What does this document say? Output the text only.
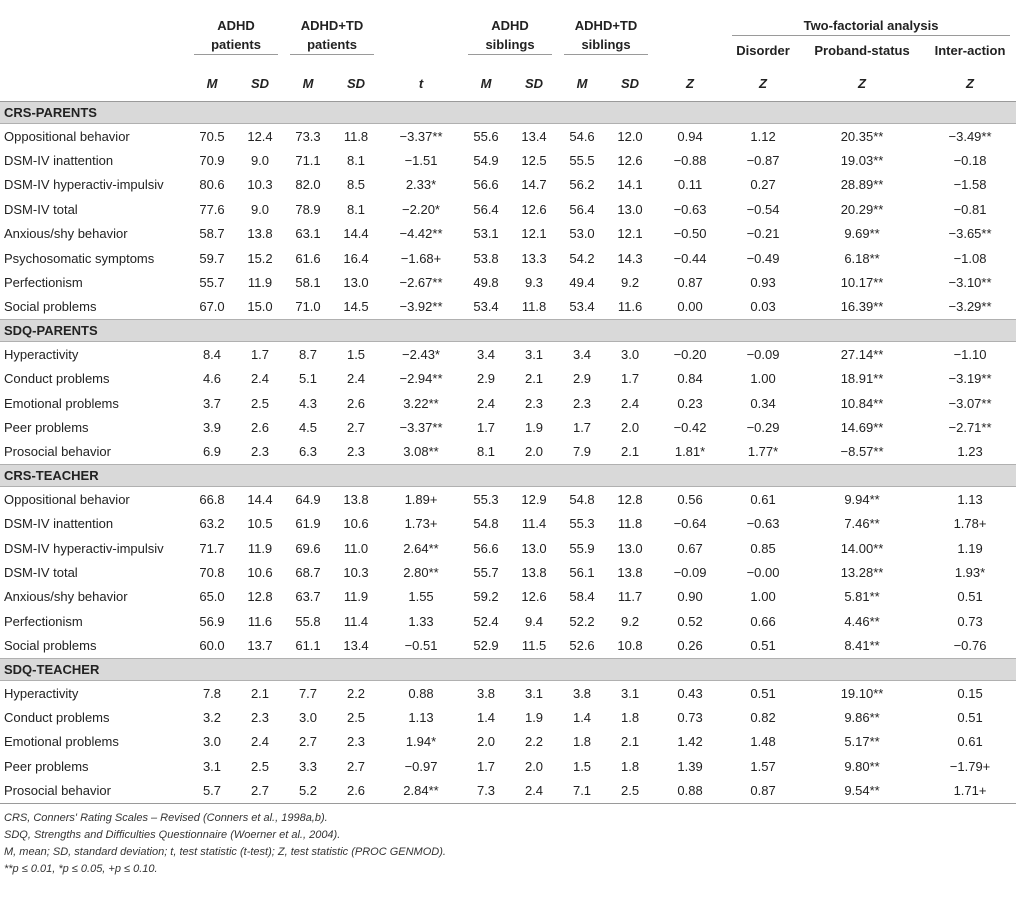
	ADHD		ADHD+TD			ADHD		ADHD+TD			Two-factorial analysis		
	patients		patients			siblings		siblings			Disorder	Proband-status	Inter-action
	M	SD	M	SD	t	M	SD	M	SD	Z	Z	Z	Z
CRS-PARENTS													
Oppositional behavior	70.5	12.4	73.3	11.8	−3.37**	55.6	13.4	54.6	12.0	0.94	1.12	20.35**	−3.49**
DSM-IV inattention	70.9	9.0	71.1	8.1	−1.51	54.9	12.5	55.5	12.6	−0.88	−0.87	19.03**	−0.18
DSM-IV hyperactiv-impulsiv	80.6	10.3	82.0	8.5	2.33*	56.6	14.7	56.2	14.1	0.11	0.27	28.89**	−1.58
DSM-IV total	77.6	9.0	78.9	8.1	−2.20*	56.4	12.6	56.4	13.0	−0.63	−0.54	20.29**	−0.81
Anxious/shy behavior	58.7	13.8	63.1	14.4	−4.42**	53.1	12.1	53.0	12.1	−0.50	−0.21	9.69**	−3.65**
Psychosomatic symptoms	59.7	15.2	61.6	16.4	−1.68+	53.8	13.3	54.2	14.3	−0.44	−0.49	6.18**	−1.08
Perfectionism	55.7	11.9	58.1	13.0	−2.67**	49.8	9.3	49.4	9.2	0.87	0.93	10.17**	−3.10**
Social problems	67.0	15.0	71.0	14.5	−3.92**	53.4	11.8	53.4	11.6	0.00	0.03	16.39**	−3.29**
SDQ-PARENTS													
Hyperactivity	8.4	1.7	8.7	1.5	−2.43*	3.4	3.1	3.4	3.0	−0.20	−0.09	27.14**	−1.10
Conduct problems	4.6	2.4	5.1	2.4	−2.94**	2.9	2.1	2.9	1.7	0.84	1.00	18.91**	−3.19**
Emotional problems	3.7	2.5	4.3	2.6	3.22**	2.4	2.3	2.3	2.4	0.23	0.34	10.84**	−3.07**
Peer problems	3.9	2.6	4.5	2.7	−3.37**	1.7	1.9	1.7	2.0	−0.42	−0.29	14.69**	−2.71**
Prosocial behavior	6.9	2.3	6.3	2.3	3.08**	8.1	2.0	7.9	2.1	1.81*	1.77*	−8.57**	1.23
CRS-TEACHER													
Oppositional behavior	66.8	14.4	64.9	13.8	1.89+	55.3	12.9	54.8	12.8	0.56	0.61	9.94**	1.13
DSM-IV inattention	63.2	10.5	61.9	10.6	1.73+	54.8	11.4	55.3	11.8	−0.64	−0.63	7.46**	1.78+
DSM-IV hyperactiv-impulsiv	71.7	11.9	69.6	11.0	2.64**	56.6	13.0	55.9	13.0	0.67	0.85	14.00**	1.19
DSM-IV total	70.8	10.6	68.7	10.3	2.80**	55.7	13.8	56.1	13.8	−0.09	−0.00	13.28**	1.93*
Anxious/shy behavior	65.0	12.8	63.7	11.9	1.55	59.2	12.6	58.4	11.7	0.90	1.00	5.81**	0.51
Perfectionism	56.9	11.6	55.8	11.4	1.33	52.4	9.4	52.2	9.2	0.52	0.66	4.46**	0.73
Social problems	60.0	13.7	61.1	13.4	−0.51	52.9	11.5	52.6	10.8	0.26	0.51	8.41**	−0.76
SDQ-TEACHER													
Hyperactivity	7.8	2.1	7.7	2.2	0.88	3.8	3.1	3.8	3.1	0.43	0.51	19.10**	0.15
Conduct problems	3.2	2.3	3.0	2.5	1.13	1.4	1.9	1.4	1.8	0.73	0.82	9.86**	0.51
Emotional problems	3.0	2.4	2.7	2.3	1.94*	2.0	2.2	1.8	2.1	1.42	1.48	5.17**	0.61
Peer problems	3.1	2.5	3.3	2.7	−0.97	1.7	2.0	1.5	1.8	1.39	1.57	9.80**	−1.79+
Prosocial behavior	5.7	2.7	5.2	2.6	2.84**	7.3	2.4	7.1	2.5	0.88	0.87	9.54**	1.71+
CRS, Conners' Rating Scales – Revised (Conners et al., 1998a,b).
SDQ, Strengths and Difficulties Questionnaire (Woerner et al., 2004).
M, mean; SD, standard deviation; t, test statistic (t-test); Z, test statistic (PROC GENMOD).
**p ≤ 0.01, *p ≤ 0.05, +p ≤ 0.10.
